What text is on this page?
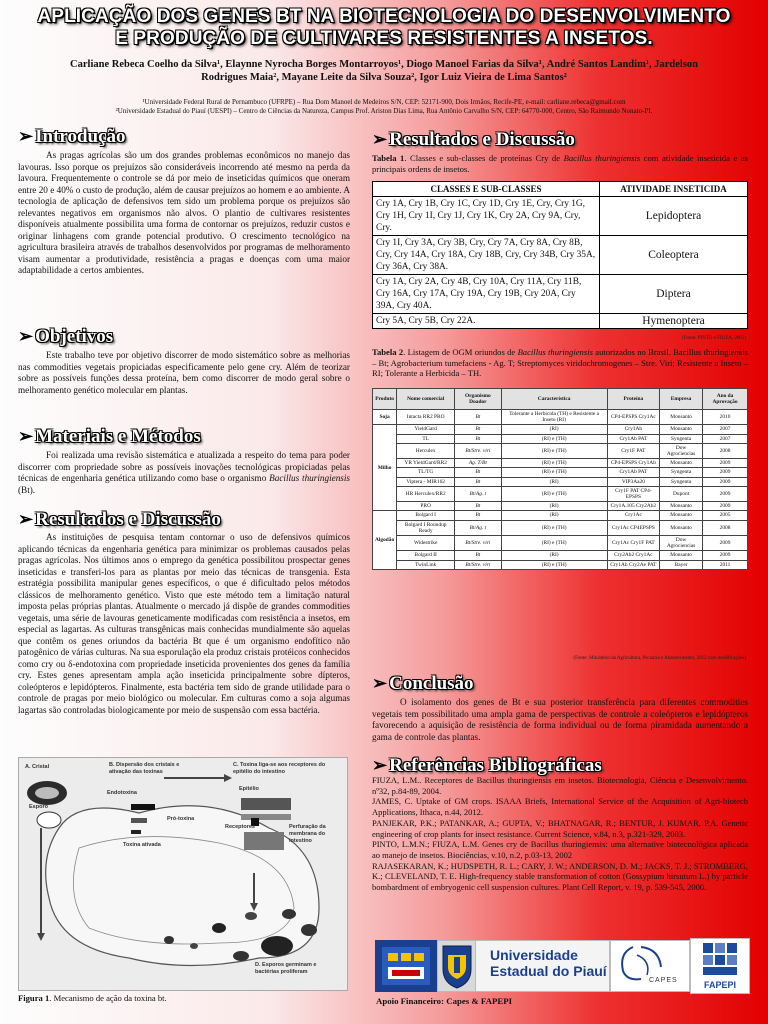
APLICAÇÃO DOS GENES BT NA BIOTECNOLOGIA DO DESENVOLVIMENTO
E PRODUÇÃO DE CULTIVARES RESISTENTES A INSETOS.
Carliane Rebeca Coelho da Silva¹, Elaynne Nyrocha Borges Montarroyos¹, Diogo Manoel Farias da Silva¹, André Santos Landim¹, Jardelson
Rodrigues Maia², Mayane Leite da Silva Souza², Igor Luiz Vieira de Lima Santos²
¹Universidade Federal Rural de Pernambuco (UFRPE) – Rua Dom Manoel de Medeiros S/N, CEP: 52171-900, Dois Irmãos, Recife-PE, e-mail: carliane.rebeca@gmail.com
²Universidade Estadual do Piauí (UESPI) – Centro de Ciências da Natureza, Campus Prof. Ariston Dias Lima, Rua Antônio Carvalho S/N, CEP: 64770-000, Centro, São Raimundo Nonato-PI.
➢ Introdução
As pragas agrícolas são um dos grandes problemas econômicos no manejo das lavouras. Isso porque os prejuízos são consideráveis incorrendo até mesmo na perda da lavoura. Frequentemente o controle se dá por meio de inseticidas químicos que oneram entre 20 e 40% o custo de produção, além de causar prejuízos ao homem e ao ambiente. A tecnologia de aplicação de defensivos tem sido um problema porque os prejuízos são relevantes negativos em organismos não alvos. O plantio de cultivares resistentes disponíveis atualmente possibilita uma forma de contornar os prejuízos, reduzir custos e originar linhagens com grande potencial produtivo. O crescimento tecnológico na agricultura brasileira através de trabalhos desenvolvidos por programas de melhoramento visam aumentar a produtividade, resistência a pragas e doenças com uma maior adaptabilidade a certos ambientes.
➢ Objetivos
Este trabalho teve por objetivo discorrer de modo sistemático sobre as melhorias nas commodities vegetais propiciadas especificamente pelo gene cry. Além de teorizar sobre as possíveis funções dessa proteína, bem como discorrer de modo geral sobre o melhoramento genético molecular em plantas.
➢ Materiais e Métodos
Foi realizada uma revisão sistemática e atualizada a respeito do tema para poder discorrer com propriedade sobre as possíveis inovações tecnológicas propiciadas pelas técnicas de engenharia genética utilizando como base o organismo Bacillus thuringiensis (Bt).
➢ Resultados e Discussão
As instituições de pesquisa tentam contornar o uso de defensivos químicos aplicando técnicas da engenharia genética para minimizar os problemas causados pelas pragas agrícolas. Nos últimos anos o emprego da genética possibilitou prospectar genes inseticidas e transferi-los para as plantas por meio das técnicas de transgenia. Esta estratégia possibilita manipular genes específicos, o que é dificultado pelos métodos clássicos de melhoramento genético. Visto que este método tem a limitação natural imposta pelas próprias plantas. Atualmente o mercado já dispõe de grandes commodities vegetais, uma série de lavouras geneticamente modificadas com resistência a insetos, em especial as lagartas. As culturas transgênicas mais conhecidas mundialmente são aquelas que contêm os genes oriundos da bactéria Bt que é um organismo endofítico não patogênico de várias culturas. Na sua esporulação ela produz cristais protéicos conhecidos como cry ou δ-endotoxina com propriedade inseticida provenientes dos genes da família cry. Estes genes apresentam ampla ação inseticida principalmente sobre dípteros, coleópteros e lepidópteros. Finalmente, esta bactéria tem sido de grande utilidade para o controle de pragas por meio biológico ou molecular. Em culturas como a soja algumas lagartas são controladas biologicamente por meio de suspensão com essa bactéria.
A. Cristal
Esporo
B. Dispersão dos cristais e ativação das toxinas
Endotoxina
Pró-toxina
Toxina ativada
C. Toxina liga-se aos receptores do epitélio do intestino
Epitélio
Receptores	Perfuração da membrana do intestino
D. Esporos germinam e bactérias proliferam
Figura 1. Mecanismo de ação da toxina bt.
➢ Resultados e Discussão
Tabela 1. Classes e sub-classes de proteínas Cry de Bacillus thuringiensis com atividade inseticida e as principais ordens de insetos.
CLASSES E SUB-CLASSES	ATIVIDADE INSETICIDA
Cry 1A, Cry 1B, Cry 1C, Cry 1D, Cry 1E, Cry, Cry 1G, Cry 1H, Cry 1I, Cry 1J, Cry 1K, Cry 2A, Cry 9A, Cry, Cry.	Lepidoptera
Cry 1I, Cry 3A, Cry 3B, Cry, Cry 7A, Cry 8A, Cry 8B, Cry, Cry 14A, Cry 18A, Cry 18B, Cry, Cry 34B, Cry 35A, Cry 36A, Cry 38A.	Coleoptera
Cry 1A, Cry 2A, Cry 4B, Cry 10A, Cry 11A, Cry 11B, Cry 16A, Cry 17A, Cry 19A, Cry 19B, Cry 20A, Cry 39A, Cry 40A.	Diptera
Cry 5A, Cry 5B, Cry 22A.	Hymenoptera
(Fonte: PINTO e FIUZA, 2002)
Tabela 2. Listagem de OGM oriundos de Bacillus thuringiensis autorizados no Brasil. Bacillus thuringiensis – Bt; Agrobacterium tumefaciens - Ag. T; Streptomyces viridochromogenes – Stre. Viri; Resistente a Inseto – RI; Tolerante a Herbicida – TH.
Produto	Nome comercial	Organismo Doador	Característica	Proteína	Empresa	Ano da Aprovação
Soja	Intacta RR2 PRO	Bt	Tolerante a Herbicida (TH) e Resistente a Inseto (RI)	CP4-EPSPS Cry1Ac	Monsanto	2010
Milho	YieldGard	Bt	(RI)	Cry1Ab	Monsanto	2007
	TL	Bt	(RI) e (TH)	Cry1Ab PAT	Syngenta	2007
	Herculex	Bt/Stre. viri	(RI) e (TH)	Cry1F PAT	Dow Agrociencias	2008
	YR YieldGard/RR2	Ag. T/Bt	(RI) e (TH)	CP4-EPSPS Cry1Ab	Monsanto	2009
	TL/TG	Bt	(RI) e (TH)	Cry1Ab PAT	Syngenta	2009
	Viptera - MIR162	Bt	(RI)	VIP3Aa20	Syngenta	2009
	HR Herculex/RR2	Bt/Ag. t	(RI) e (TH)	Cry1F PAT CP4-EPSPS	Dupont	2009
	PRO	Bt	(RI)	Cry1A.105 Cry2Ab2	Monsanto	2009
Algodão	Bolgard I	Bt	(RI)	Cry1Ac	Monsanto	2005
	Bolgard I Roundup Ready	Bt/Ag. t	(RI) e (TH)	Cry1Ac CP4EPSPS	Monsanto	2008
	Widestrike	Bt/Stre. viri	(RI) e (TH)	Cry1Ac Cry1F PAT	Dow Agrociencias	2009
	Bolgard II	Bt	(RI)	Cry2Ab2 Cry1Ac	Monsanto	2009
	TwinLink	Bt/Stre. viri	(RI) e (TH)	Cry1Ab Cry2Ae PAT	Bayer	2011
(Fonte: Ministério da Agricultura, Pecuária e Abastecimento, 2012 com modificações)
➢ Conclusão
O isolamento dos genes de Bt e sua posterior transferência para diferentes commodities vegetais tem possibilitado uma ampla gama de perspectivas de controle a coleópteros e lepidópteros favorecendo a aquisição de resistência de forma individual ou de forma piramidada aumentando a gama de controle das plantas.
➢ Referências Bibliográficas

FIUZA, L.M.. Receptores de Bacillus thuringiensis em insetos. Biotecnologia, Ciência e Desenvolvimento. nº32, p.84-89, 2004.

JAMES, C. Uptake of GM crops. ISAAA Briefs, International Service of the Acquisition of Agri-biotech Applications, Ithaca, n.44, 2012.

PANJEKAR, P.K.; PATANKAR, A.; GUPTA, V.; BHATNAGAR, R.; BENTUR, J. KUMAR, P.A. Genetic engineering of crop plants for insect resistance. Current Science, v.84, n.3, p.321-329, 2003.

PINTO, L.M.N.; FIUZA, L.M. Genes cry de Bacillus thuringiensis: uma alternative biotecnológica aplicada ao manejo de insetos. Biociências, v.10, n.2, p.03-13, 2002

RAJASEKARAN, K.; HUDSPETH, R. L.; CARY, J. W.; ANDERSON, D. M.; JACKS, T. J.; STROMBERG, K.; CLEVELAND, T. E. High-frequency stable transformation of cotton (Gossypium hirsutum L.) by particle bombardment of embryogenic cell suspension cultures. Plant Cell Report, v. 19, p. 539-545, 2000.

Universidade
Estadual do Piauí
CAPES	FAPEPI
Apoio Financeiro: Capes & FAPEPI
